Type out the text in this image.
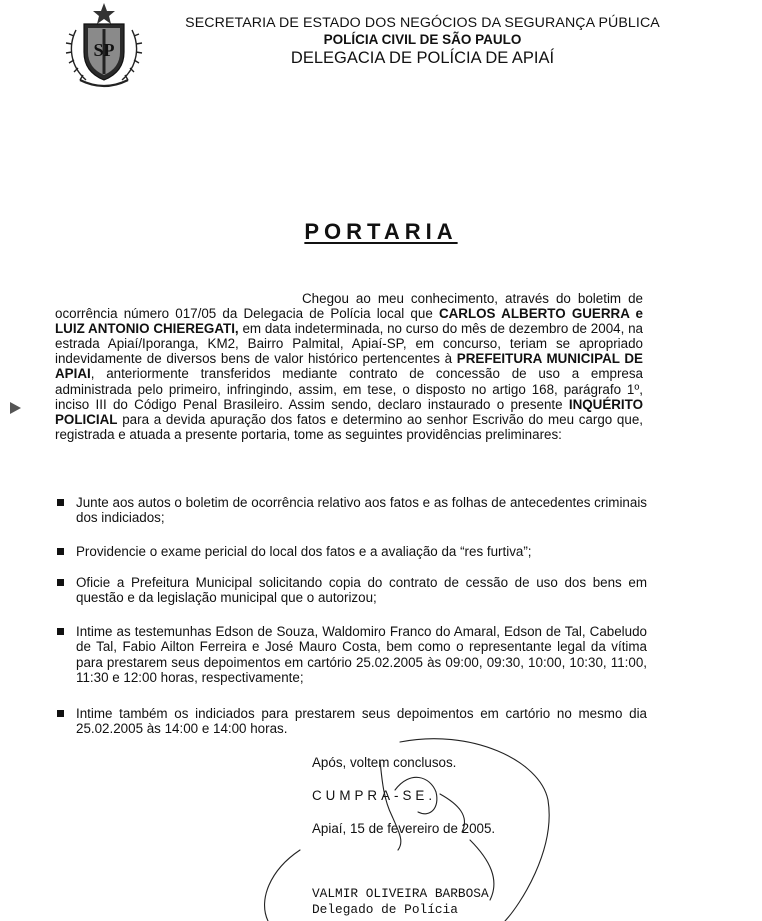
SP
SECRETARIA DE ESTADO DOS NEGÓCIOS DA SEGURANÇA PÚBLICA
POLÍCIA CIVIL DE SÃO PAULO
DELEGACIA DE POLÍCIA DE APIAÍ
PORTARIA
Chegou ao meu conhecimento, através do boletim de ocorrência número 017/05 da Delegacia de Polícia local que CARLOS ALBERTO GUERRA e LUIZ ANTONIO CHIEREGATI, em data indeterminada, no curso do mês de dezembro de 2004, na estrada Apiaí/Iporanga, KM2, Bairro Palmital, Apiaí-SP, em concurso, teriam se apropriado indevidamente de diversos bens de valor histórico pertencentes à PREFEITURA MUNICIPAL DE APIAI, anteriormente transferidos mediante contrato de concessão de uso a empresa administrada pelo primeiro, infringindo, assim, em tese, o disposto no artigo 168, parágrafo 1º, inciso III do Código Penal Brasileiro. Assim sendo, declaro instaurado o presente INQUÉRITO POLICIAL para a devida apuração dos fatos e determino ao senhor Escrivão do meu cargo que, registrada e atuada a presente portaria, tome as seguintes providências preliminares:
Junte aos autos o boletim de ocorrência relativo aos fatos e as folhas de antecedentes criminais dos indiciados;
Providencie o exame pericial do local dos fatos e a avaliação da “res furtiva”;
Oficie a Prefeitura Municipal solicitando copia do contrato de cessão de uso dos bens em questão e da legislação municipal que o autorizou;
Intime as testemunhas Edson de Souza, Waldomiro Franco do Amaral, Edson de Tal, Cabeludo de Tal, Fabio Ailton Ferreira e José Mauro Costa, bem como o representante legal da vítima para prestarem seus depoimentos em cartório 25.02.2005 às 09:00, 09:30, 10:00, 10:30, 11:00, 11:30 e 12:00 horas, respectivamente;
Intime também os indiciados para prestarem seus depoimentos em cartório no mesmo dia 25.02.2005 às 14:00 e 14:00 horas.
Após, voltem conclusos.
CUMPRA-SE.
Apiaí, 15 de fevereiro de 2005.
VALMIR OLIVEIRA BARBOSA
Delegado de Polícia
